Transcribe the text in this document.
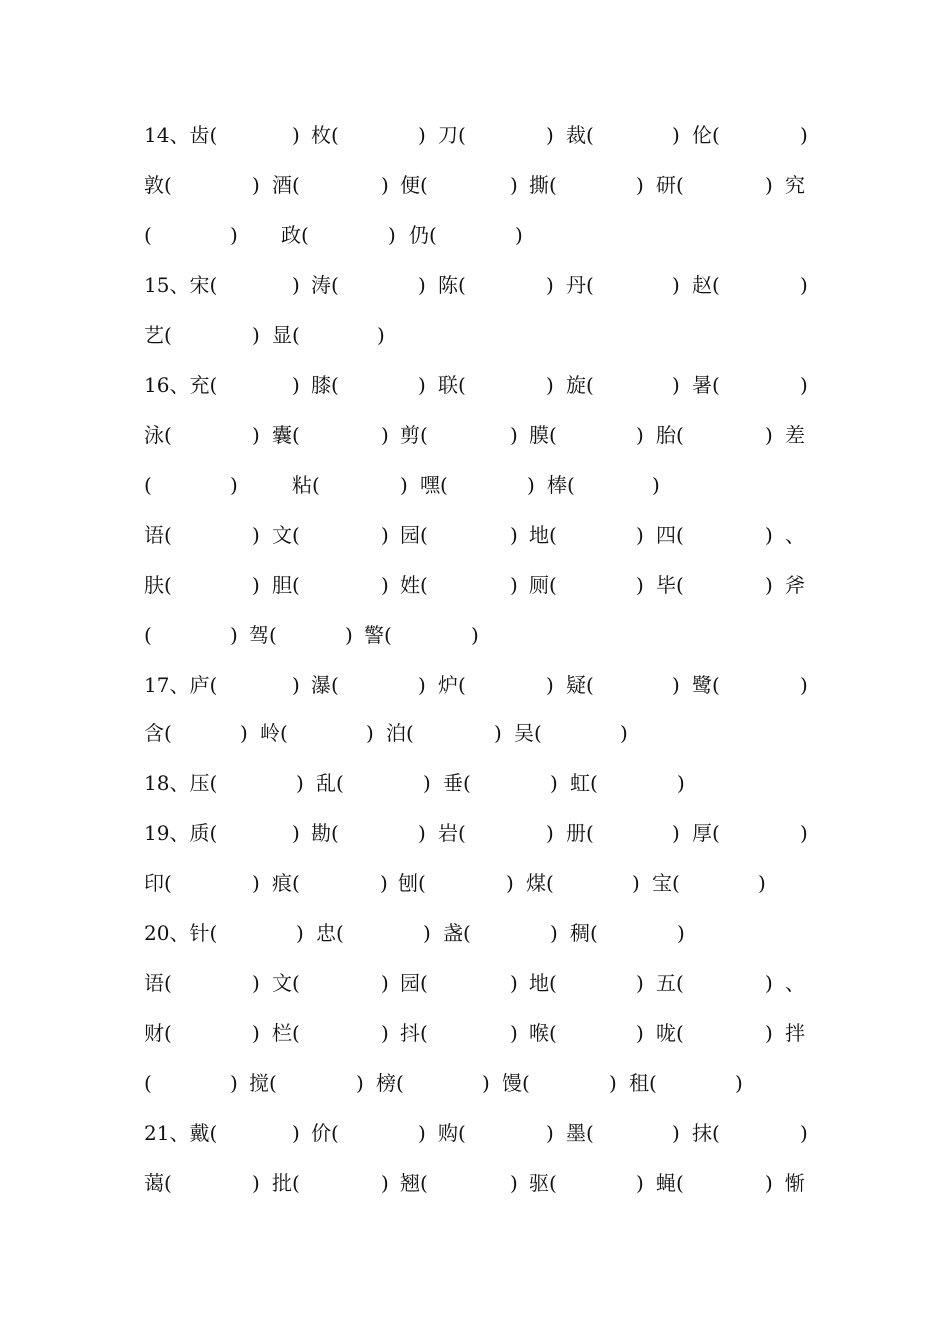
14、齿(	) 枚(	) 刀(	) 裁(	) 伦(	)
敦(	) 酒(	) 便(	) 撕(	) 研(	) 究
(	) 政(	) 仍(	)
15、宋(	) 涛(	) 陈(	) 丹(	) 赵(	)
艺(	) 显(	)
16、充(	) 膝(	) 联(	) 旋(	) 暑(	)
泳(	) 囊(	) 剪(	) 膜(	) 胎(	) 差
(	)	粘(	) 嘿(	) 棒(	)
语(	) 文(	) 园(	) 地(	) 四(	) 、
肤(	) 胆(	) 姓(	) 厕(	) 毕(	) 斧
(	) 驾(	) 警(	)
17、庐(	) 瀑(	) 炉(	) 疑(	) 鹭(	)
含(	) 岭(	) 泊(	) 吴(	)
18、压(	) 乱(	) 垂(	) 虹(	)
19、质(	) 勘(	) 岩(	) 册(	) 厚(	)
印(	) 痕(	) 刨(	) 煤(	) 宝(	)
20、针(	) 忠(	) 盏(	) 稠(	)
语(	) 文(	) 园(	) 地(	) 五(	) 、
财(	) 栏(	) 抖(	) 喉(	) 咙(	) 拌
(	) 搅(	) 榜(	) 馒(	) 租(	)
21、戴(	) 价(	) 购(	) 墨(	) 抹(	)
蔼(	) 批(	) 翘(	) 驱(	) 蝇(	) 惭
